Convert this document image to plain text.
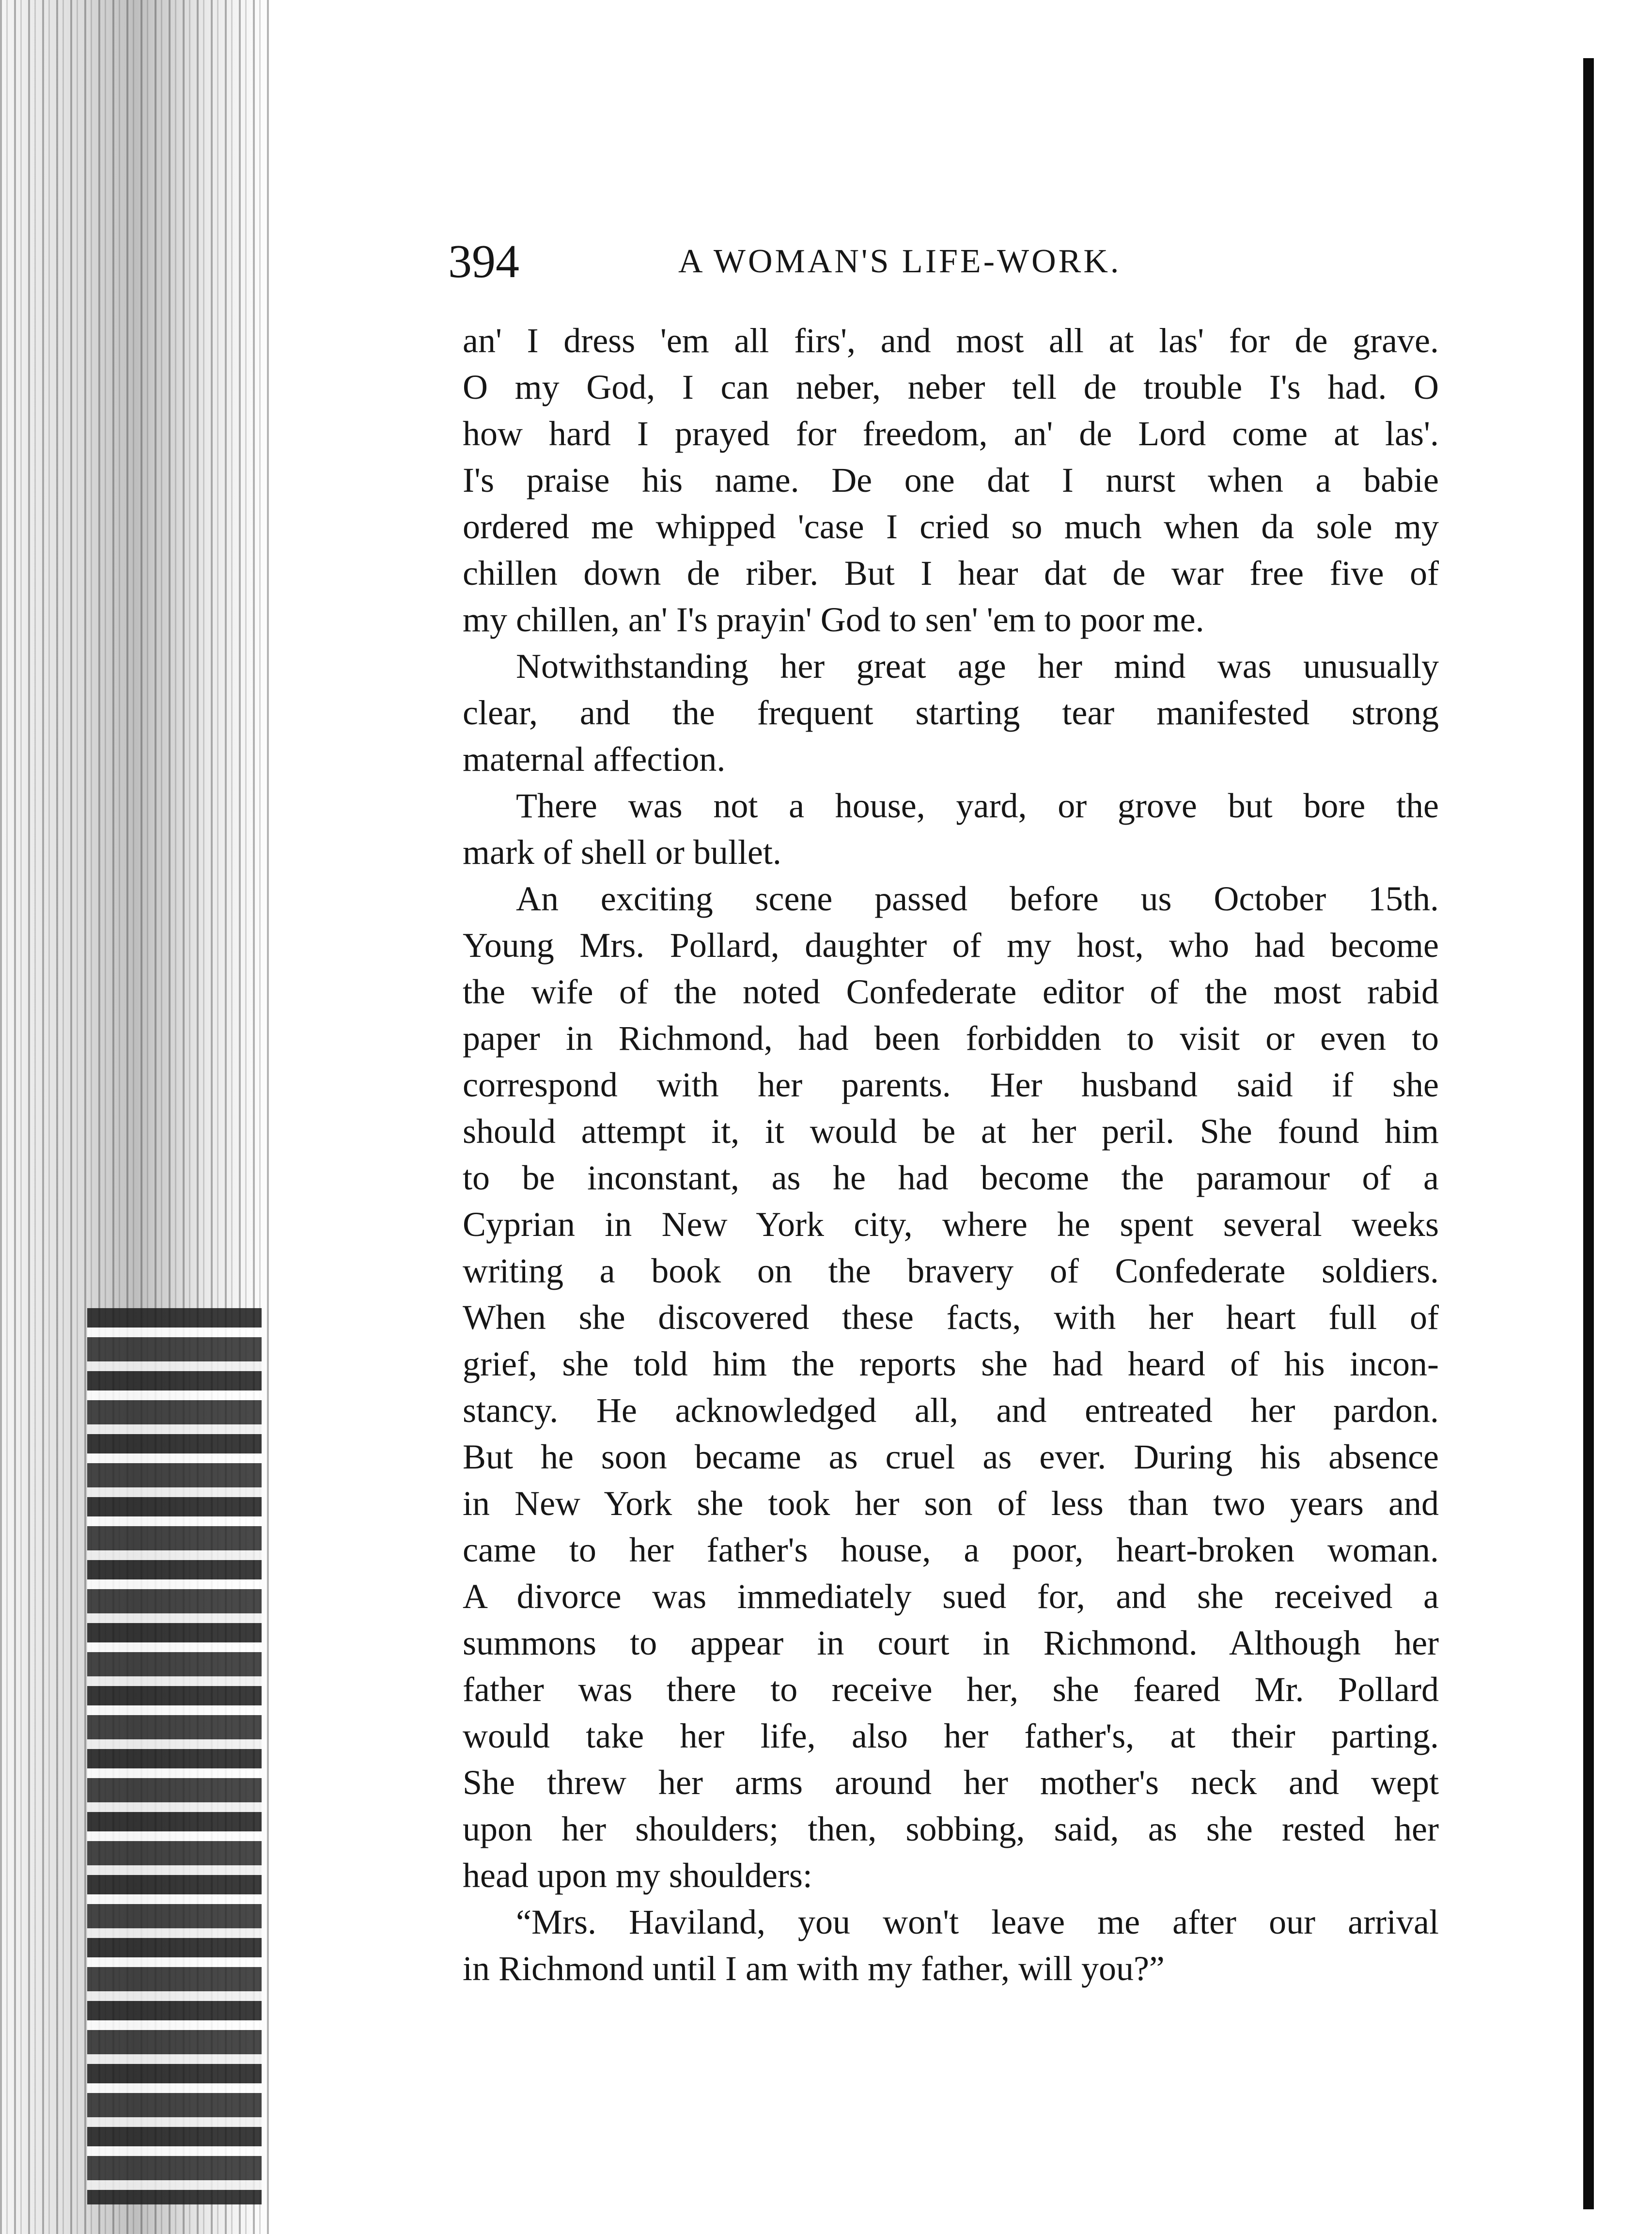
394	A WOMAN'S LIFE-WORK.
an' I dress 'em all firs', and most all at las' for de grave.
O my God, I can neber, neber tell de trouble I's had. O
how hard I prayed for freedom, an' de Lord come at las'.
I's praise his name. De one dat I nurst when a babie
ordered me whipped 'case I cried so much when da sole my
chillen down de riber. But I hear dat de war free five of
my chillen, an' I's prayin' God to sen' 'em to poor me.
Notwithstanding her great age her mind was unusually
clear, and the frequent starting tear manifested strong
maternal affection.
There was not a house, yard, or grove but bore the
mark of shell or bullet.
An exciting scene passed before us October 15th.
Young Mrs. Pollard, daughter of my host, who had become
the wife of the noted Confederate editor of the most rabid
paper in Richmond, had been forbidden to visit or even to
correspond with her parents. Her husband said if she
should attempt it, it would be at her peril. She found him
to be inconstant, as he had become the paramour of a
Cyprian in New York city, where he spent several weeks
writing a book on the bravery of Confederate soldiers.
When she discovered these facts, with her heart full of
grief, she told him the reports she had heard of his incon-
stancy. He acknowledged all, and entreated her pardon.
But he soon became as cruel as ever. During his absence
in New York she took her son of less than two years and
came to her father's house, a poor, heart-broken woman.
A divorce was immediately sued for, and she received a
summons to appear in court in Richmond. Although her
father was there to receive her, she feared Mr. Pollard
would take her life, also her father's, at their parting.
She threw her arms around her mother's neck and wept
upon her shoulders; then, sobbing, said, as she rested her
head upon my shoulders:
“Mrs. Haviland, you won't leave me after our arrival
in Richmond until I am with my father, will you?”
